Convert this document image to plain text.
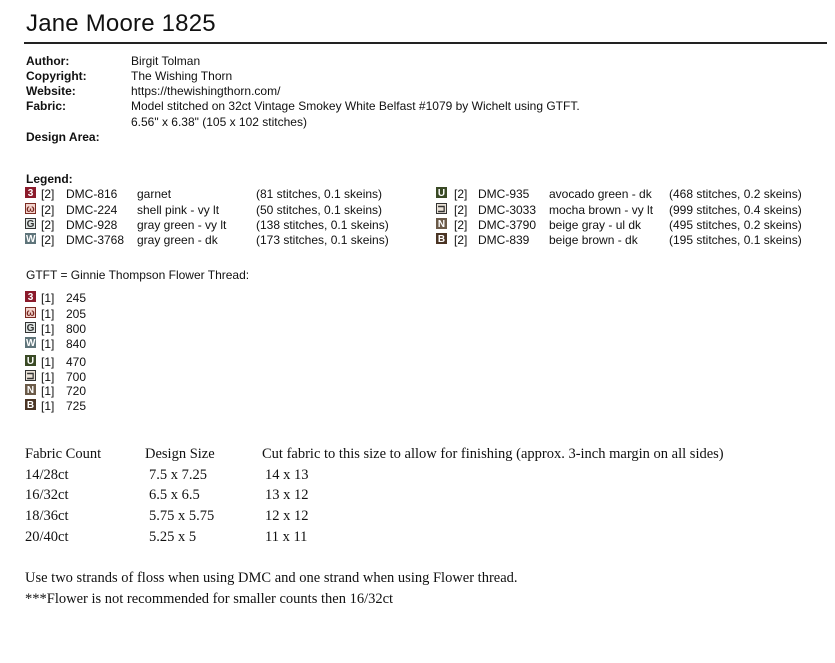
Jane Moore 1825
Author:	Birgit Tolman
Copyright:	The Wishing Thorn
Website:	https://thewishingthorn.com/
Fabric:	Model stitched on 32ct Vintage Smokey White Belfast #1079 by Wichelt using GTFT.
6.56" x 6.38" (105 x 102 stitches)
Design Area:
Legend:
3 [2] DMC-816 garnet	(81 stitches, 0.1 skeins)
ω [2] DMC-224 shell pink - vy lt	(50 stitches, 0.1 skeins)
G [2] DMC-928 gray green - vy lt (138 stitches, 0.1 skeins)
W [2] DMC-3768 gray green - dk	(173 stitches, 0.1 skeins)
U [2] DMC-935 avocado green - dk (468 stitches, 0.2 skeins)
⊐ [2] DMC-3033 mocha brown - vy lt (999 stitches, 0.4 skeins)
N [2] DMC-3790 beige gray - ul dk (495 stitches, 0.2 skeins)
B [2] DMC-839 beige brown - dk	(195 stitches, 0.1 skeins)
GTFT = Ginnie Thompson Flower Thread:
3 [1] 245
ω [1] 205
G [1] 800
W [1] 840
U [1] 470
⊐ [1] 700
N [1] 720
B [1] 725
Fabric Count	Design Size	Cut fabric to this size to allow for finishing (approx. 3-inch margin on all sides)
14/28ct	7.5 x 7.25	14 x 13
16/32ct	6.5 x 6.5	13 x 12
18/36ct	5.75 x 5.75	12 x 12
20/40ct	5.25 x 5	11 x 11
Use two strands of floss when using DMC and one strand when using Flower thread.
***Flower is not recommended for smaller counts then 16/32ct
